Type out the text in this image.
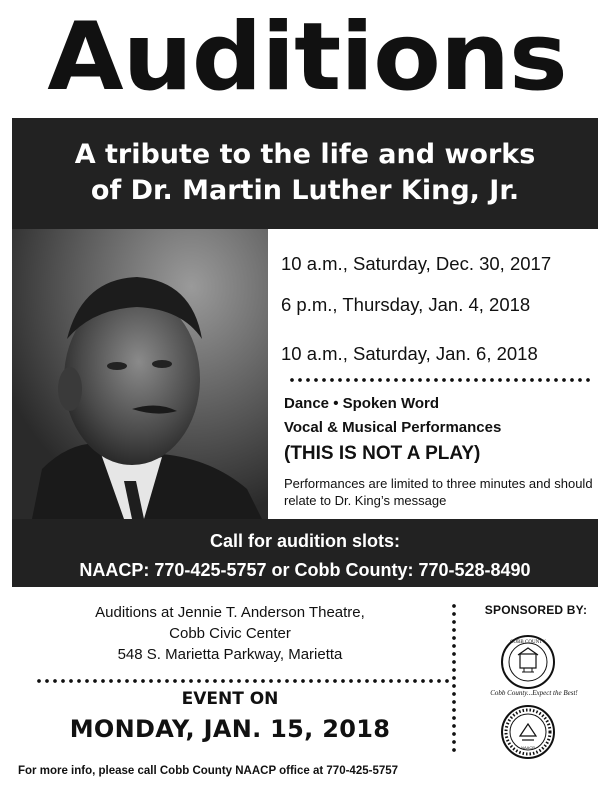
Auditions
A tribute to the life and works
of Dr. Martin Luther King, Jr.
10 a.m., Saturday, Dec. 30, 2017
6 p.m., Thursday, Jan. 4, 2018
10 a.m., Saturday, Jan. 6, 2018
Dance • Spoken Word
Vocal & Musical Performances
(THIS IS NOT A PLAY)
Performances are limited to three minutes and should relate to Dr. King’s message
Call for audition slots:
NAACP: 770-425-5757 or Cobb County: 770-528-8490
Auditions at Jennie T. Anderson Theatre,
Cobb Civic Center
548 S. Marietta Parkway, Marietta
EVENT ON
MONDAY, JAN. 15, 2018
SPONSORED BY:
COBB COUNTY
Cobb County...Expect the Best!
NAACP
For more info, please call Cobb County NAACP office at 770-425-5757
